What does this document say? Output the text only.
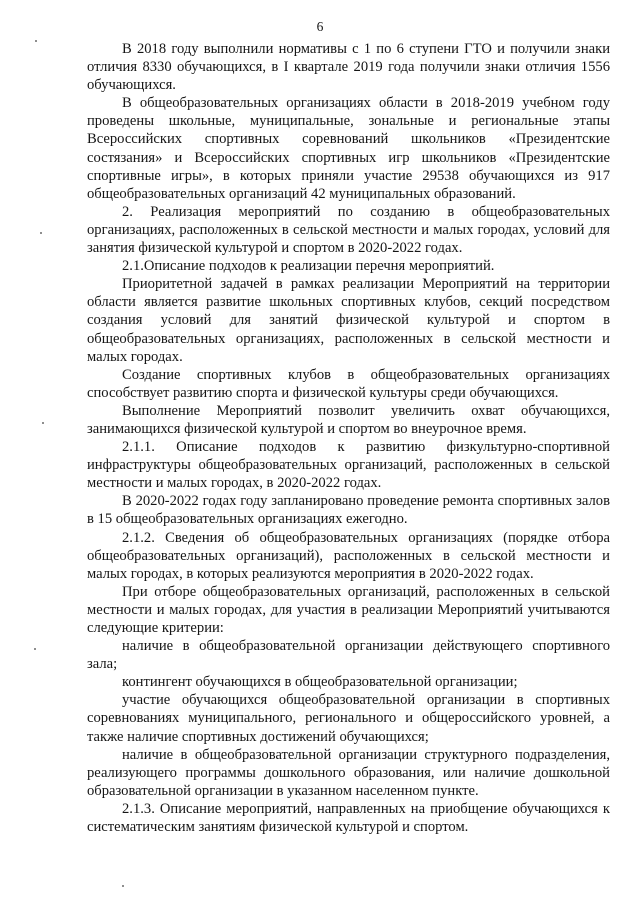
6

В 2018 году выполнили нормативы с 1 по 6 ступени ГТО и получили знаки отличия 8330 обучающихся, в I квартале 2019 года получили знаки отличия 1556 обучающихся.

В общеобразовательных организациях области в 2018-2019 учебном году проведены школьные, муниципальные, зональные и региональные этапы Всероссийских спортивных соревнований школьников «Президентские состязания» и Всероссийских спортивных игр школьников «Президентские спортивные игры», в которых приняли участие 29538 обучающихся из 917 общеобразовательных организаций 42 муниципальных образований.

2. Реализация мероприятий по созданию в общеобразовательных организациях, расположенных в сельской местности и малых городах, условий для занятия физической культурой и спортом в 2020-2022 годах.

2.1.Описание подходов к реализации перечня мероприятий.

Приоритетной задачей в рамках реализации Мероприятий на территории области является развитие школьных спортивных клубов, секций посредством создания условий для занятий физической культурой и спортом в общеобразовательных организациях, расположенных в сельской местности и малых городах.

Создание спортивных клубов в общеобразовательных организациях способствует развитию спорта и физической культуры среди обучающихся.

Выполнение Мероприятий позволит увеличить охват обучающихся, занимающихся физической культурой и спортом во внеурочное время.

2.1.1. Описание подходов к развитию физкультурно-спортивной инфраструктуры общеобразовательных организаций, расположенных в сельской местности и малых городах, в 2020-2022 годах.

В 2020-2022 годах году запланировано проведение ремонта спортивных залов в 15 общеобразовательных организациях ежегодно.

2.1.2. Сведения об общеобразовательных организациях (порядке отбора общеобразовательных организаций), расположенных в сельской местности и малых городах, в которых реализуются мероприятия в 2020-2022 годах.

При отборе общеобразовательных организаций, расположенных в сельской местности и малых городах, для участия в реализации Мероприятий учитываются следующие критерии:

наличие в общеобразовательной организации действующего спортивного зала;

контингент обучающихся в общеобразовательной организации;

участие обучающихся общеобразовательной организации в спортивных соревнованиях муниципального, регионального и общероссийского уровней, а также наличие спортивных достижений обучающихся;

наличие в общеобразовательной организации структурного подразделения, реализующего программы дошкольного образования, или наличие дошкольной образовательной организации в указанном населенном пункте.

2.1.3. Описание мероприятий, направленных на приобщение обучающихся к систематическим занятиям физической культурой и спортом.
